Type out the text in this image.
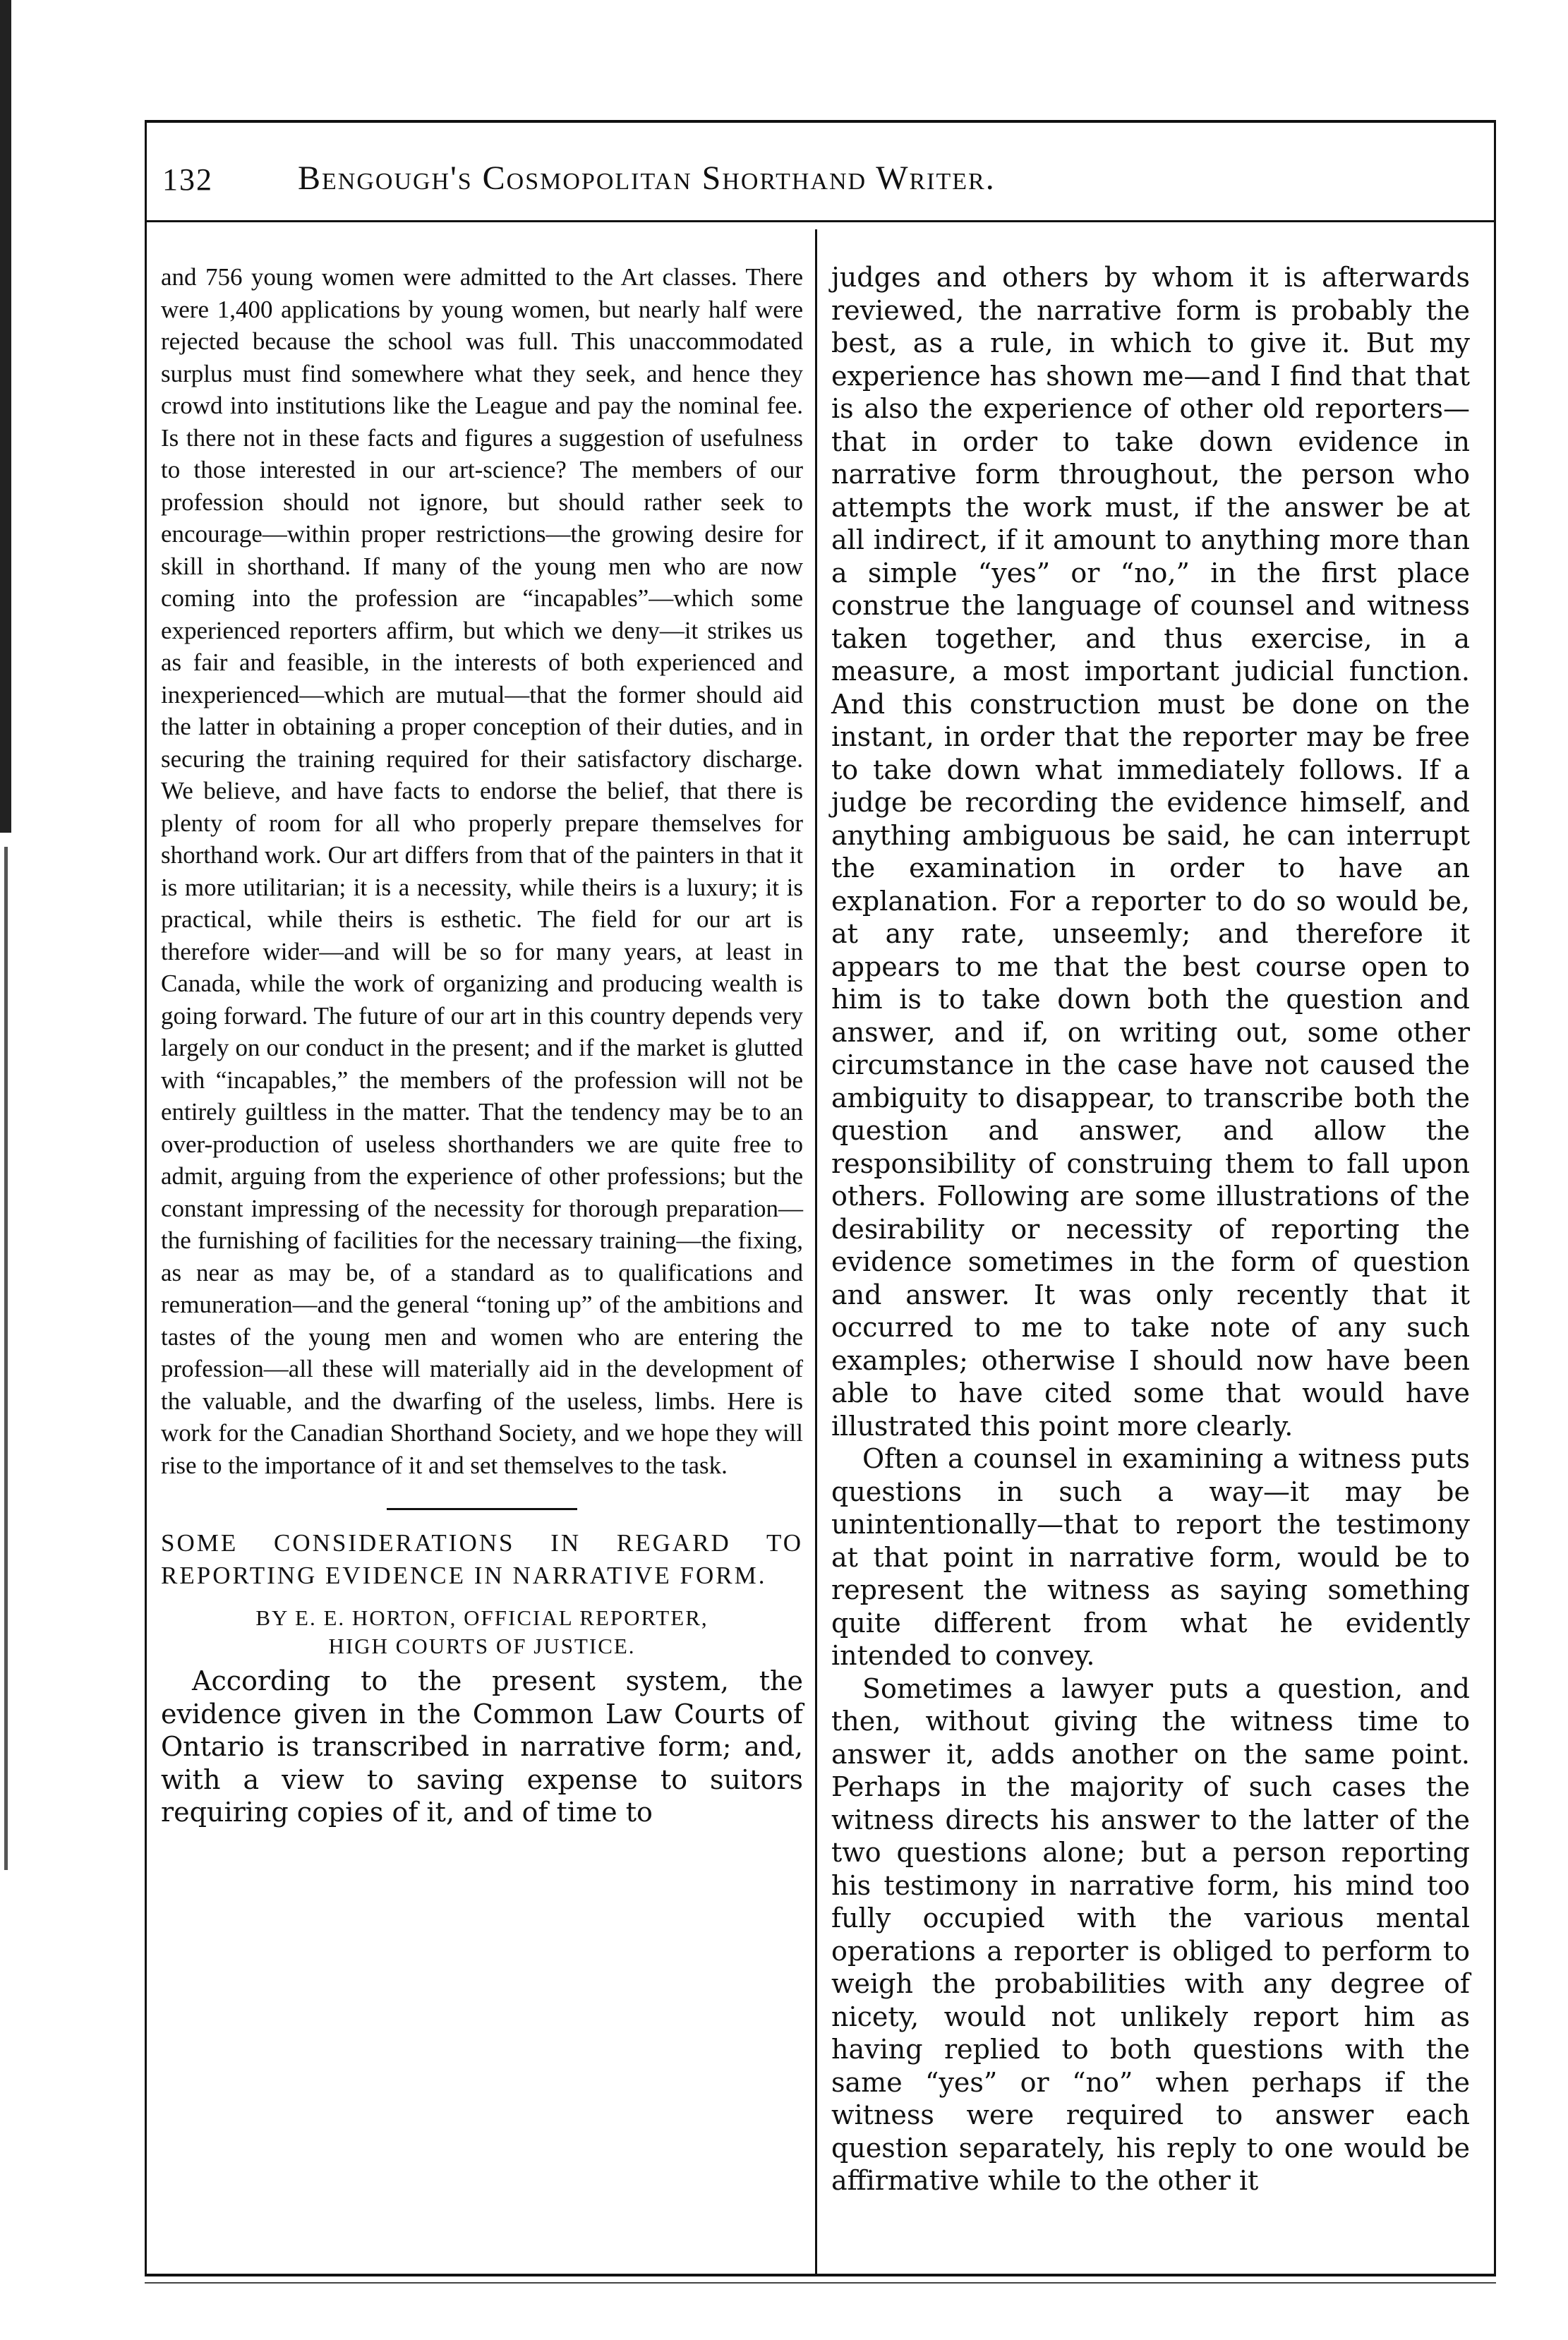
132	Bengough's Cosmopolitan Shorthand Writer.

and 756 young women were admitted to the Art classes. There were 1,400 applications by young women, but nearly half were rejected because the school was full. This unaccommodated surplus must find somewhere what they seek, and hence they crowd into institutions like the League and pay the nominal fee. Is there not in these facts and figures a suggestion of usefulness to those interested in our art-science? The members of our profession should not ignore, but should rather seek to encourage—within proper restrictions—the growing desire for skill in shorthand. If many of the young men who are now coming into the profession are “incapables”—which some experienced reporters affirm, but which we deny—it strikes us as fair and feasible, in the interests of both experienced and inexperienced—which are mutual—that the former should aid the latter in obtaining a proper conception of their duties, and in securing the training required for their satisfactory discharge. We believe, and have facts to endorse the belief, that there is plenty of room for all who properly prepare themselves for shorthand work. Our art differs from that of the painters in that it is more utilitarian; it is a necessity, while theirs is a luxury; it is practical, while theirs is esthetic. The field for our art is therefore wider—and will be so for many years, at least in Canada, while the work of organizing and producing wealth is going forward. The future of our art in this country depends very largely on our conduct in the present; and if the market is glutted with “incapables,” the members of the profession will not be entirely guiltless in the matter. That the tendency may be to an over-production of useless shorthanders we are quite free to admit, arguing from the experience of other professions; but the constant impressing of the necessity for thorough preparation—the furnishing of facilities for the necessary training—the fixing, as near as may be, of a standard as to qualifications and remuneration—and the general “toning up” of the ambitions and tastes of the young men and women who are entering the profession—all these will materially aid in the development of the valuable, and the dwarfing of the useless, limbs. Here is work for the Canadian Shorthand Society, and we hope they will rise to the importance of it and set themselves to the task.

SOME CONSIDERATIONS IN REGARD TO REPORTING EVIDENCE IN NARRATIVE FORM.

BY E. E. HORTON, OFFICIAL REPORTER,
HIGH COURTS OF JUSTICE.

According to the present system, the evidence given in the Common Law Courts of Ontario is transcribed in narrative form; and, with a view to saving expense to suitors requiring copies of it, and of time to

judges and others by whom it is afterwards reviewed, the narrative form is probably the best, as a rule, in which to give it. But my experience has shown me—and I find that that is also the experience of other old reporters—that in order to take down evidence in narrative form throughout, the person who attempts the work must, if the answer be at all indirect, if it amount to anything more than a simple “yes” or “no,” in the first place construe the language of counsel and witness taken together, and thus exercise, in a measure, a most important judicial function. And this construction must be done on the instant, in order that the reporter may be free to take down what immediately follows. If a judge be recording the evidence himself, and anything ambiguous be said, he can interrupt the examination in order to have an explanation. For a reporter to do so would be, at any rate, unseemly; and therefore it appears to me that the best course open to him is to take down both the question and answer, and if, on writing out, some other circumstance in the case have not caused the ambiguity to disappear, to transcribe both the question and answer, and allow the responsibility of construing them to fall upon others. Following are some illustrations of the desirability or necessity of reporting the evidence sometimes in the form of question and answer. It was only recently that it occurred to me to take note of any such examples; otherwise I should now have been able to have cited some that would have illustrated this point more clearly.

Often a counsel in examining a witness puts questions in such a way—it may be unintentionally—that to report the testimony at that point in narrative form, would be to represent the witness as saying something quite different from what he evidently intended to convey.

Sometimes a lawyer puts a question, and then, without giving the witness time to answer it, adds another on the same point. Perhaps in the majority of such cases the witness directs his answer to the latter of the two questions alone; but a person reporting his testimony in narrative form, his mind too fully occupied with the various mental operations a reporter is obliged to perform to weigh the probabilities with any degree of nicety, would not unlikely report him as having replied to both questions with the same “yes” or “no” when perhaps if the witness were required to answer each question separately, his reply to one would be affirmative while to the other it
